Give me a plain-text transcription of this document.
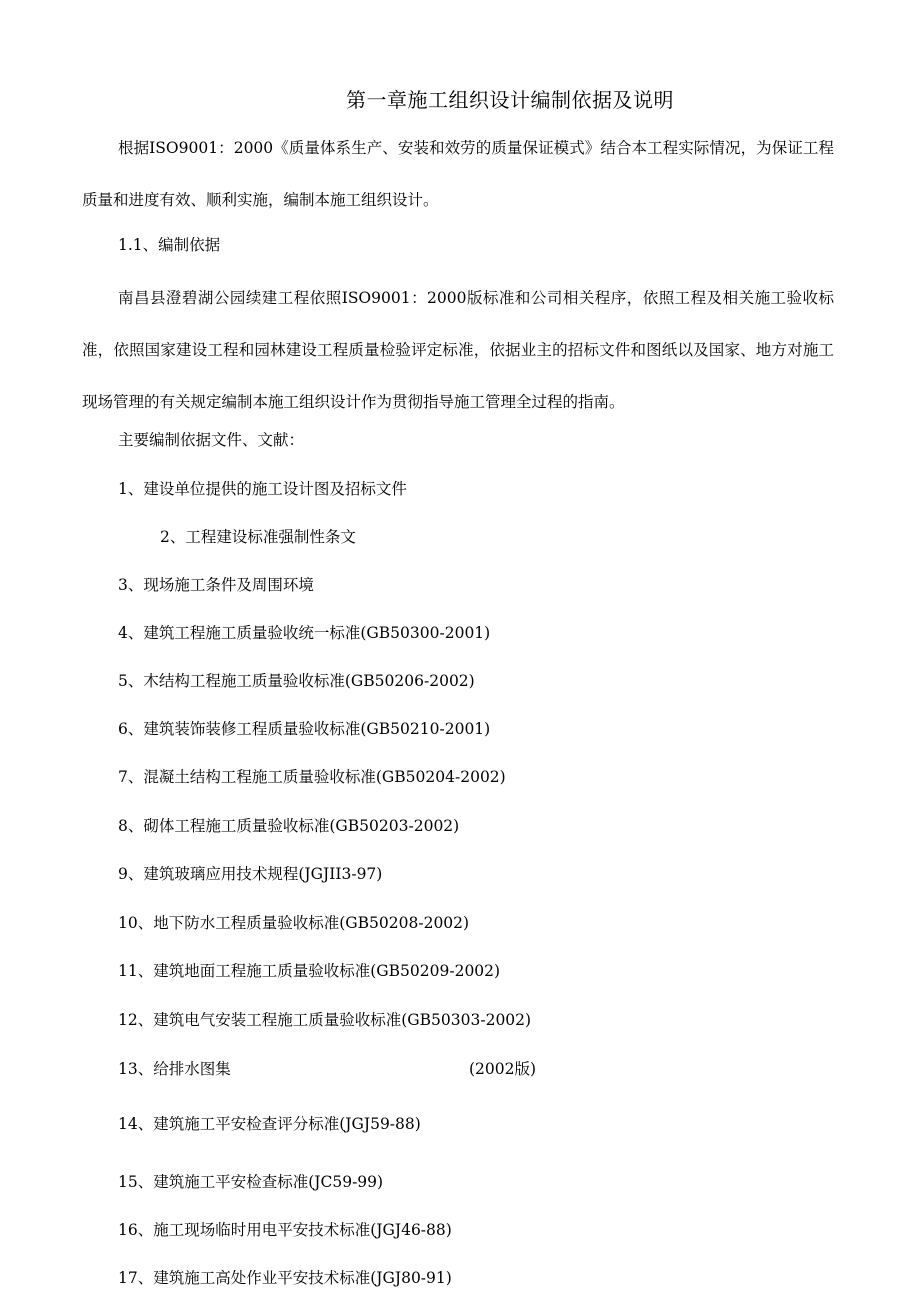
第一章施工组织设计编制依据及说明
根据ISO9001：2000《质量体系生产、安装和效劳的质量保证模式》结合本工程实际情况，为保证工程质量和进度有效、顺利实施，编制本施工组织设计。
1.1、编制依据
南昌县澄碧湖公园续建工程依照ISO9001：2000版标准和公司相关程序，依照工程及相关施工验收标准，依照国家建设工程和园林建设工程质量检验评定标准，依据业主的招标文件和图纸以及国家、地方对施工现场管理的有关规定编制本施工组织设计作为贯彻指导施工管理全过程的指南。
主要编制依据文件、文献：
1、建设单位提供的施工设计图及招标文件
2、工程建设标准强制性条文
3、现场施工条件及周围环境
4、建筑工程施工质量验收统一标准(GB50300-2001)
5、木结构工程施工质量验收标准(GB50206-2002)
6、建筑装饰装修工程质量验收标准(GB50210-2001)
7、混凝土结构工程施工质量验收标准(GB50204-2002)
8、砌体工程施工质量验收标准(GB50203-2002)
9、建筑玻璃应用技术规程(JGJII3-97)
10、地下防水工程质量验收标准(GB50208-2002)
11、建筑地面工程施工质量验收标准(GB50209-2002)
12、建筑电气安装工程施工质量验收标准(GB50303-2002)
13、给排水图集	(2002版)
14、建筑施工平安检查评分标准(JGJ59-88)
15、建筑施工平安检查标准(JC59-99)
16、施工现场临时用电平安技术标准(JGJ46-88)
17、建筑施工高处作业平安技术标准(JGJ80-91)
